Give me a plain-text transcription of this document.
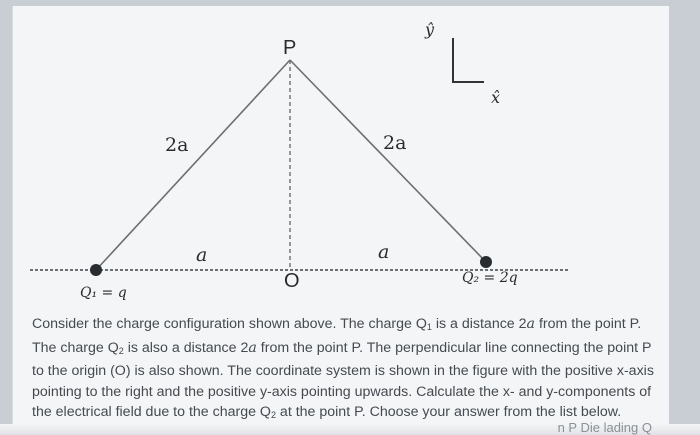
P
O
2a	2a
a	a
Q₁ = q
Q₂ = 2q
ŷ
x̂

Consider the charge configuration shown above. The charge $Q_1$ is a distance 2a from the point P.
The charge $Q_2$ is also a distance 2a from the point P. The perpendicular line connecting the point P
to the origin (O) is also shown. The coordinate system is shown in the figure with the positive x-axis
pointing to the right and the positive y-axis pointing upwards. Calculate the x- and y-components of
the electrical field due to the charge $Q_2$ at the point P. Choose your answer from the list below.

n P Die lading Q
